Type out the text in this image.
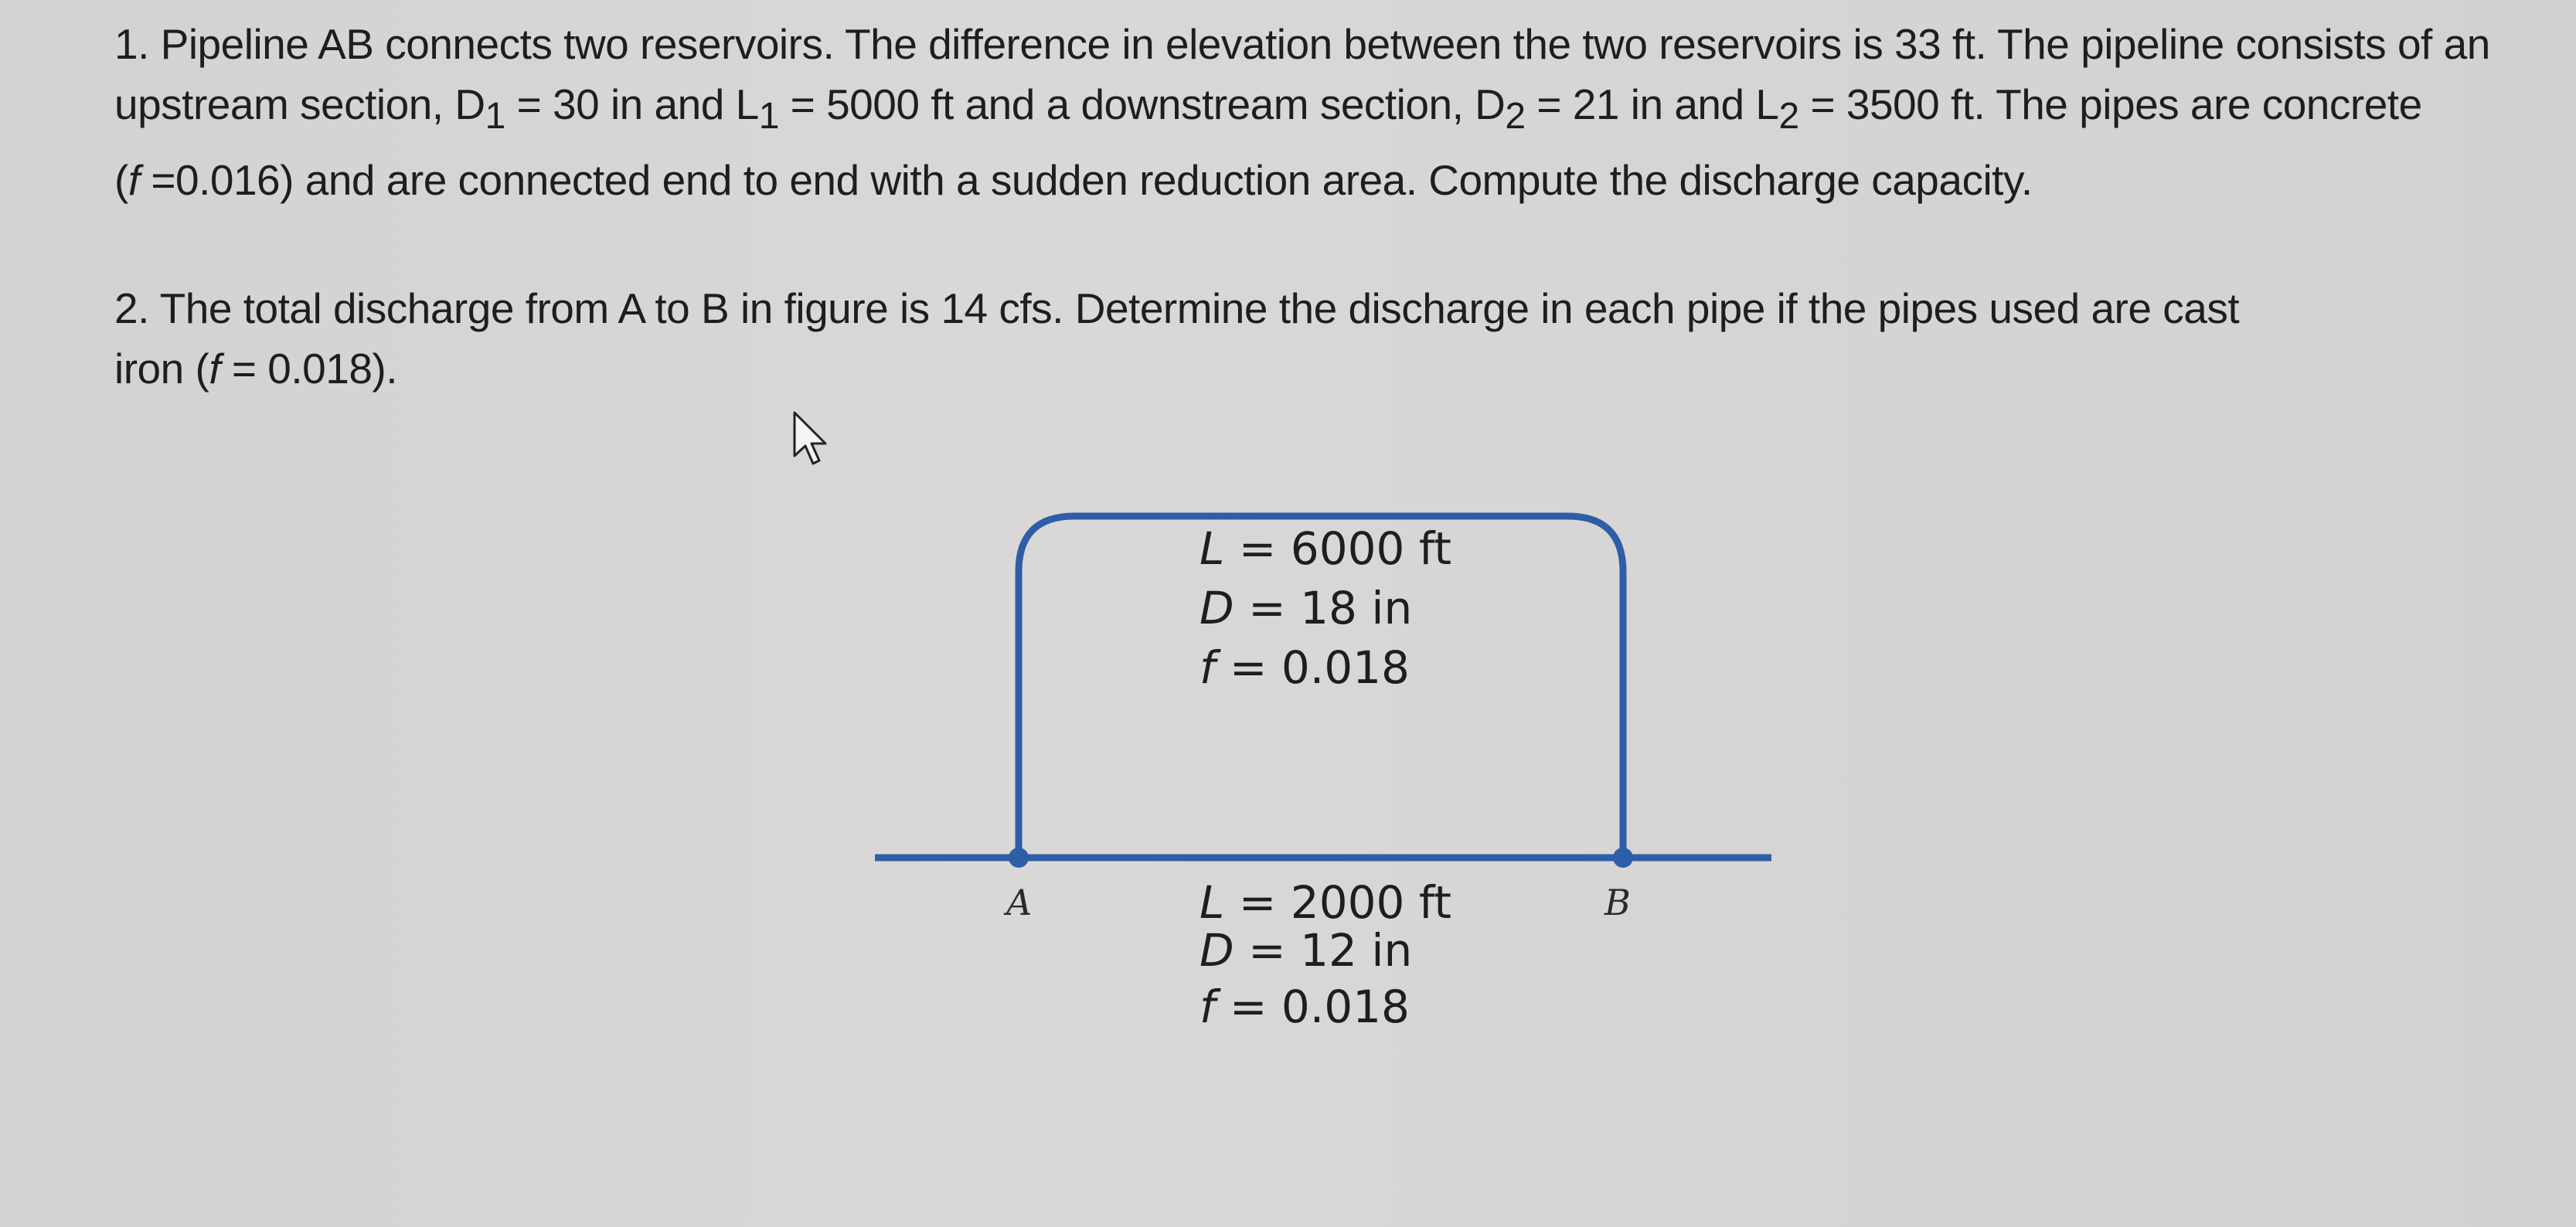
1. Pipeline AB connects two reservoirs. The difference in elevation between the two reservoirs is 33 ft. The pipeline consists of an
upstream section, D1 = 30 in and L1 = 5000 ft and a downstream section, D2 = 21 in and L2 = 3500 ft. The pipes are concrete
(f =0.016) and are connected end to end with a sudden reduction area. Compute the discharge capacity.
2. The total discharge from A to B in figure is 14 cfs. Determine the discharge in each pipe if the pipes used are cast
iron (f = 0.018).
L = 6000 ft
D = 18 in
f = 0.018
L = 2000 ft
D = 12 in
f = 0.018
A	B
